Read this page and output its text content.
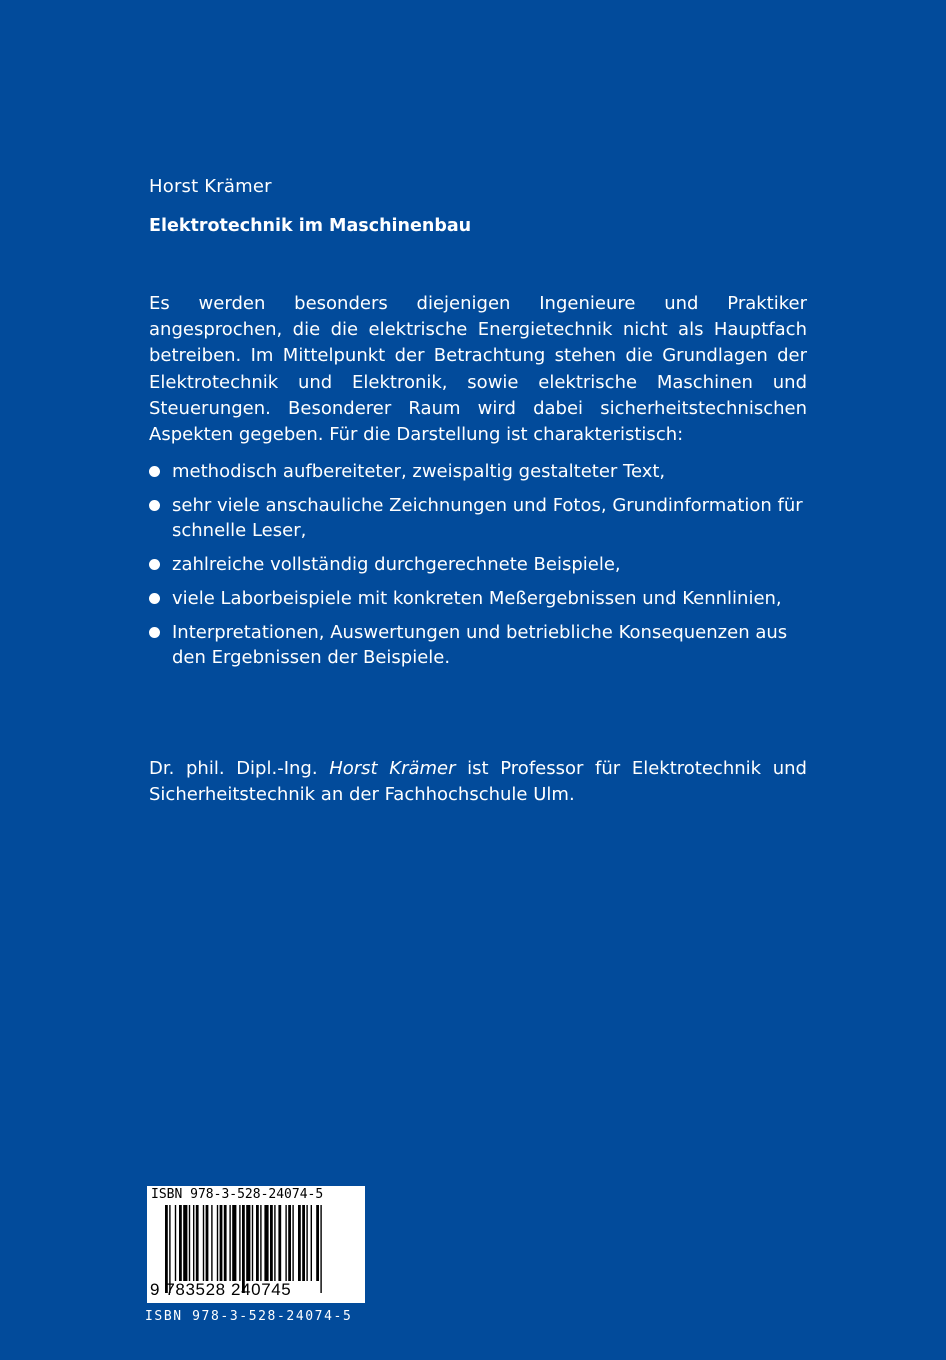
Horst Krämer
Elektrotechnik im Maschinenbau

Es werden besonders diejenigen Ingenieure und Praktiker angesprochen, die die elektrische Energietechnik nicht als Hauptfach betreiben. Im Mittelpunkt der Betrachtung stehen die Grundlagen der Elektrotechnik und Elektronik, sowie elektrische Maschinen und Steuerungen. Besonderer Raum wird dabei sicherheitstechnischen Aspekten gegeben. Für die Darstellung ist charakteristisch:

methodisch aufbereiteter, zweispaltig gestalteter Text,
sehr viele anschauliche Zeichnungen und Fotos, Grundinformation für schnelle Leser,
zahlreiche vollständig durchgerechnete Beispiele,
viele Laborbeispiele mit konkreten Meßergebnissen und Kennlinien,
Interpretationen, Auswertungen und betriebliche Konsequenzen aus den Ergebnissen der Beispiele.

Dr. phil. Dipl.-Ing. Horst Krämer ist Professor für Elektrotechnik und Sicherheitstechnik an der Fachhochschule Ulm.

ISBN 978-3-528-24074-5
9 783528 240745
ISBN 978-3-528-24074-5
